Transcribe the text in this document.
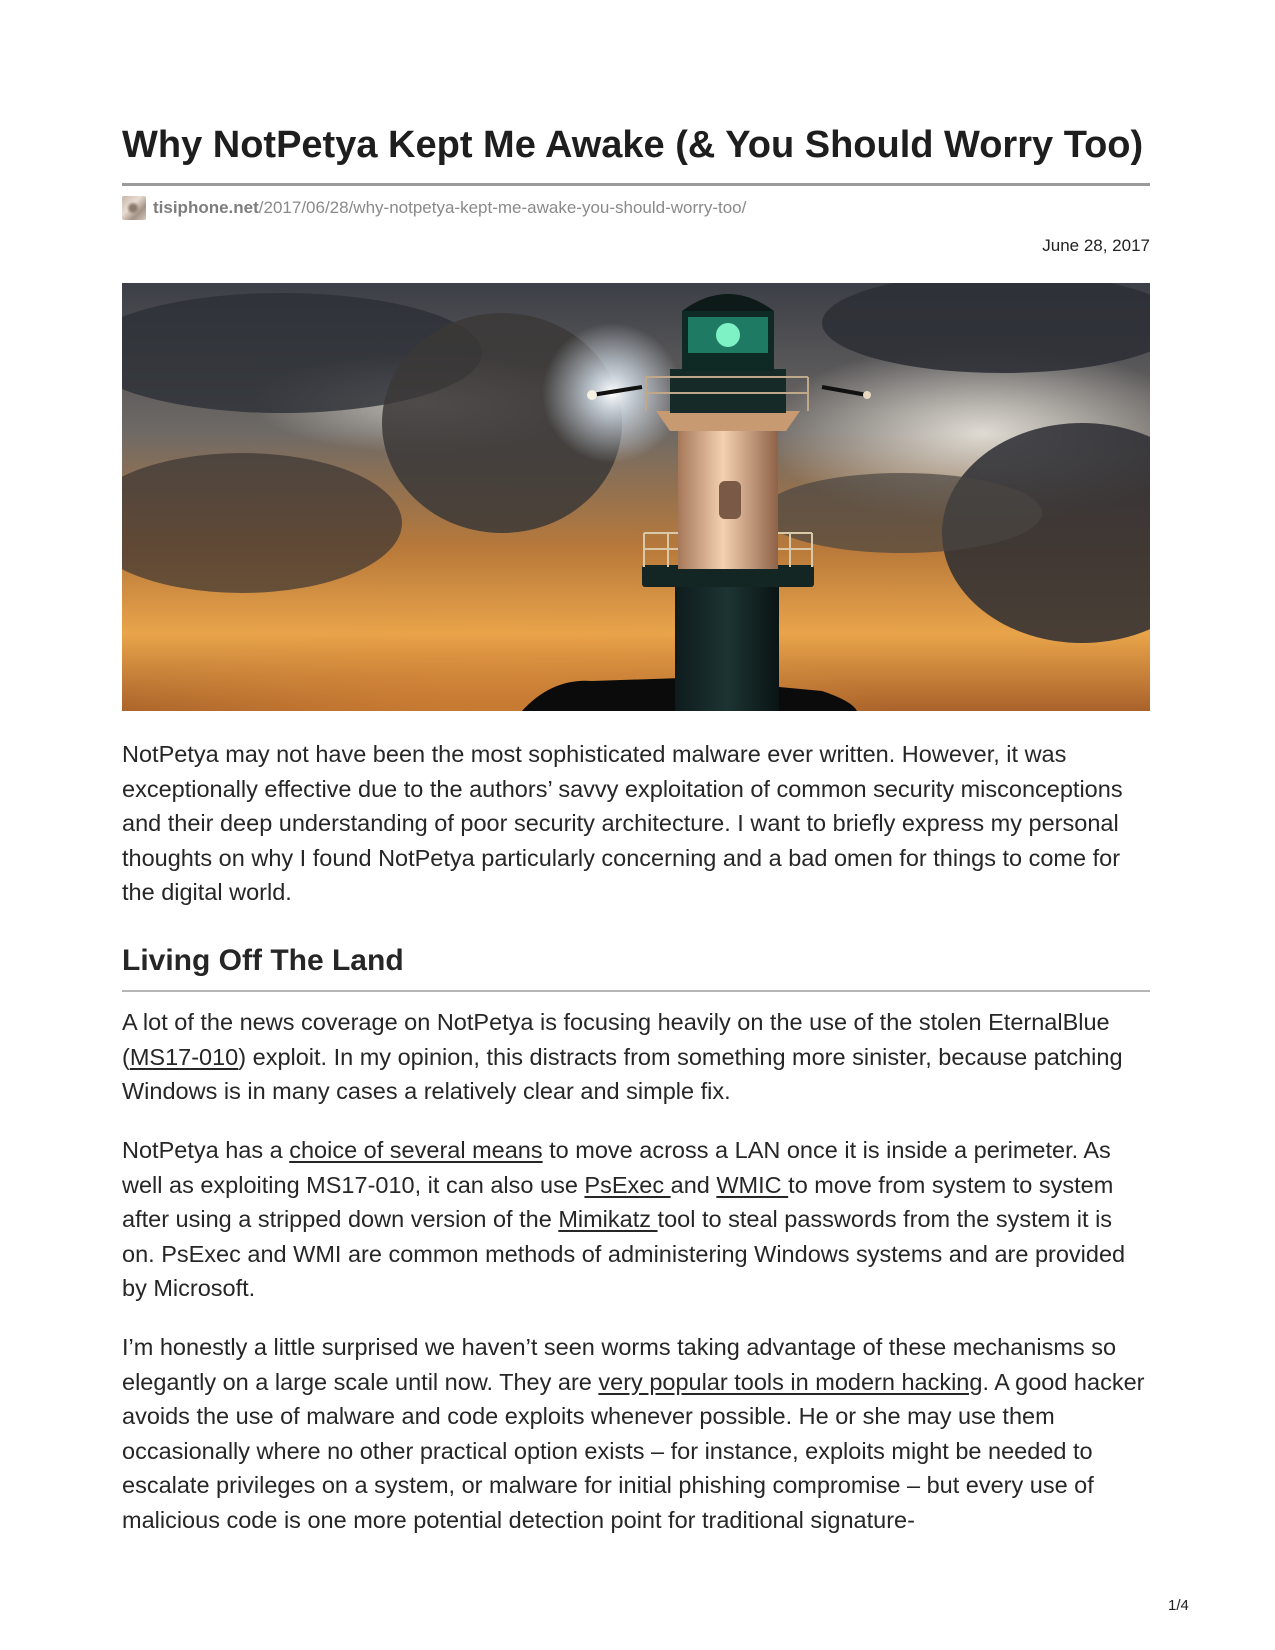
Why NotPetya Kept Me Awake (& You Should Worry Too)
tisiphone.net /2017/06/28/why-notpetya-kept-me-awake-you-should-worry-too/
June 28, 2017

NotPetya may not have been the most sophisticated malware ever written. However, it was exceptionally effective due to the authors’ savvy exploitation of common security misconceptions and their deep understanding of poor security architecture. I want to briefly express my personal thoughts on why I found NotPetya particularly concerning and a bad omen for things to come for the digital world.

Living Off The Land

A lot of the news coverage on NotPetya is focusing heavily on the use of the stolen EternalBlue (MS17-010) exploit. In my opinion, this distracts from something more sinister, because patching Windows is in many cases a relatively clear and simple fix.

NotPetya has a choice of several means to move across a LAN once it is inside a perimeter. As well as exploiting MS17-010, it can also use PsExec and WMIC to move from system to system after using a stripped down version of the Mimikatz tool to steal passwords from the system it is on. PsExec and WMI are common methods of administering Windows systems and are provided by Microsoft.

I’m honestly a little surprised we haven’t seen worms taking advantage of these mechanisms so elegantly on a large scale until now. They are very popular tools in modern hacking. A good hacker avoids the use of malware and code exploits whenever possible. He or she may use them occasionally where no other practical option exists – for instance, exploits might be needed to escalate privileges on a system, or malware for initial phishing compromise – but every use of malicious code is one more potential detection point for traditional signature-

1/4
